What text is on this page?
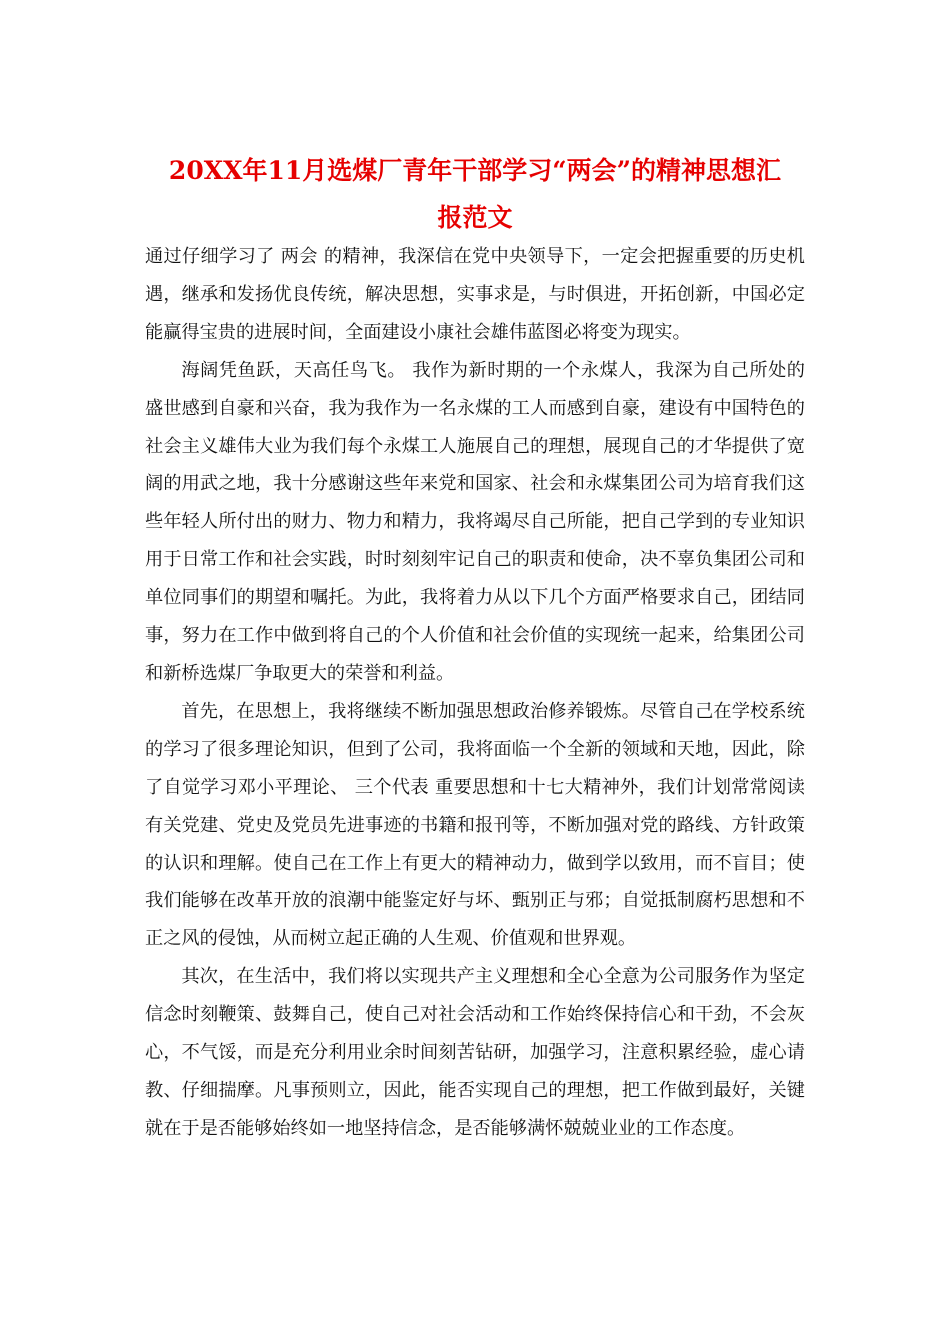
20XX年11月选煤厂青年干部学习“两会”的精神思想汇
报范文

通过仔细学习了 两会 的精神，我深信在党中央领导下，一定会把握重要的历史机遇，继承和发扬优良传统，解决思想，实事求是，与时俱进，开拓创新，中国必定能赢得宝贵的进展时间，全面建设小康社会雄伟蓝图必将变为现实。

海阔凭鱼跃，天高任鸟飞。 我作为新时期的一个永煤人，我深为自己所处的盛世感到自豪和兴奋，我为我作为一名永煤的工人而感到自豪，建设有中国特色的社会主义雄伟大业为我们每个永煤工人施展自己的理想，展现自己的才华提供了宽阔的用武之地，我十分感谢这些年来党和国家、社会和永煤集团公司为培育我们这些年轻人所付出的财力、物力和精力，我将竭尽自己所能，把自己学到的专业知识用于日常工作和社会实践，时时刻刻牢记自己的职责和使命，决不辜负集团公司和单位同事们的期望和嘱托。为此，我将着力从以下几个方面严格要求自己，团结同事，努力在工作中做到将自己的个人价值和社会价值的实现统一起来，给集团公司和新桥选煤厂争取更大的荣誉和利益。

首先，在思想上，我将继续不断加强思想政治修养锻炼。尽管自己在学校系统的学习了很多理论知识，但到了公司，我将面临一个全新的领域和天地，因此，除了自觉学习邓小平理论、 三个代表 重要思想和十七大精神外，我们计划常常阅读有关党建、党史及党员先进事迹的书籍和报刊等，不断加强对党的路线、方针政策的认识和理解。使自己在工作上有更大的精神动力，做到学以致用，而不盲目；使我们能够在改革开放的浪潮中能鉴定好与坏、甄别正与邪；自觉抵制腐朽思想和不正之风的侵蚀，从而树立起正确的人生观、价值观和世界观。

其次，在生活中，我们将以实现共产主义理想和全心全意为公司服务作为坚定信念时刻鞭策、鼓舞自己，使自己对社会活动和工作始终保持信心和干劲，不会灰心，不气馁，而是充分利用业余时间刻苦钻研，加强学习，注意积累经验，虚心请教、仔细揣摩。凡事预则立，因此，能否实现自己的理想，把工作做到最好，关键就在于是否能够始终如一地坚持信念，是否能够满怀兢兢业业的工作态度。
